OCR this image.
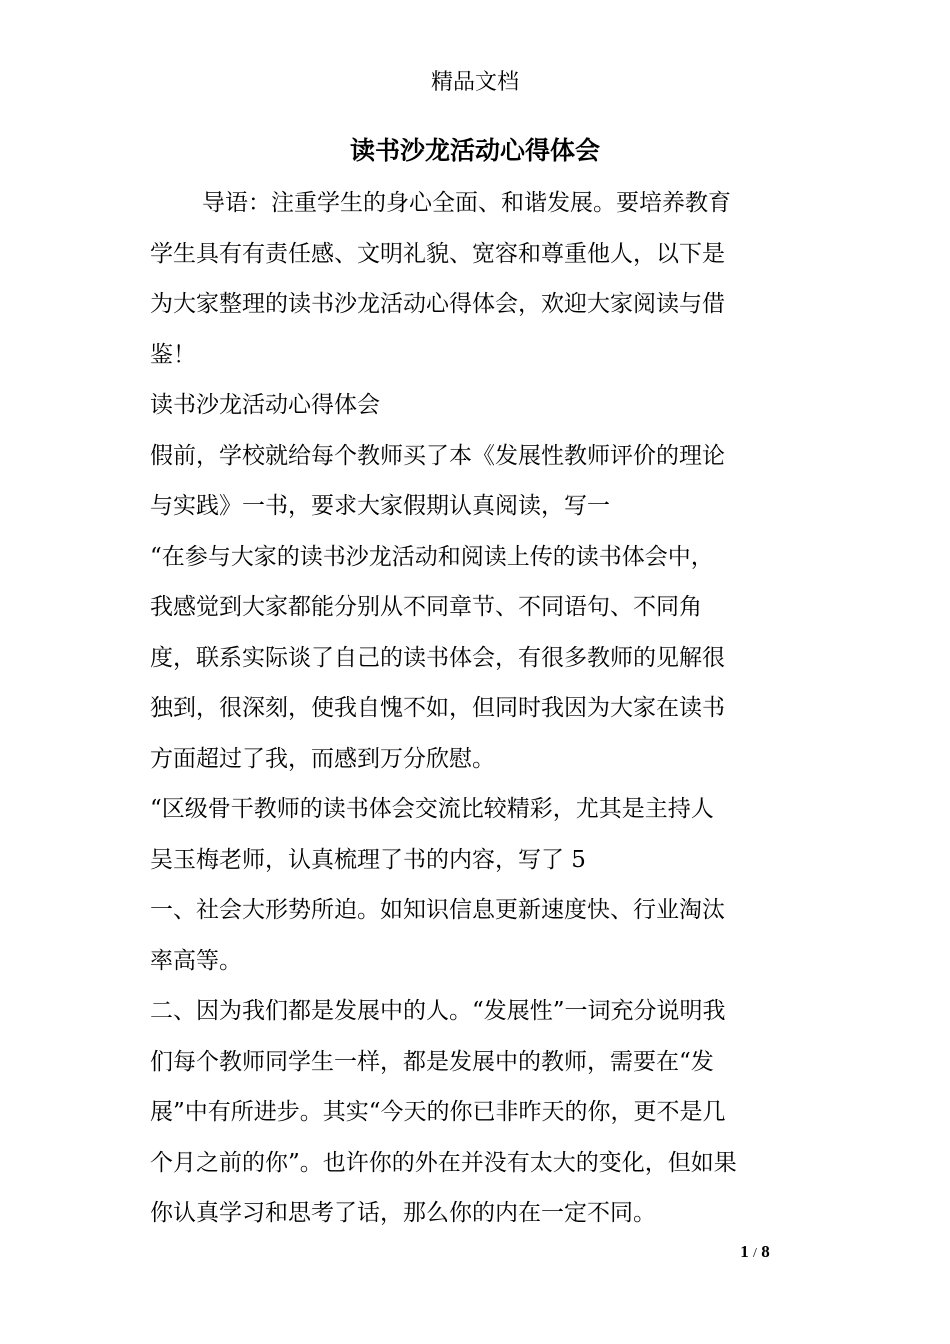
精品文档
读书沙龙活动心得体会

导语：注重学生的身心全面、和谐发展。要培养教育
学生具有有责任感、文明礼貌、宽容和尊重他人，以下是
为大家整理的读书沙龙活动心得体会，欢迎大家阅读与借
鉴！

读书沙龙活动心得体会

假前，学校就给每个教师买了本《发展性教师评价的理论
与实践》一书，要求大家假期认真阅读，写一

“在参与大家的读书沙龙活动和阅读上传的读书体会中，
我感觉到大家都能分别从不同章节、不同语句、不同角
度，联系实际谈了自己的读书体会，有很多教师的见解很
独到，很深刻，使我自愧不如，但同时我因为大家在读书
方面超过了我，而感到万分欣慰。

“区级骨干教师的读书体会交流比较精彩，尤其是主持人
吴玉梅老师，认真梳理了书的内容，写了 5

一、社会大形势所迫。如知识信息更新速度快、行业淘汰
率高等。

二、因为我们都是发展中的人。“发展性”一词充分说明我
们每个教师同学生一样，都是发展中的教师，需要在“发
展”中有所进步。其实“今天的你已非昨天的你，更不是几
个月之前的你”。也许你的外在并没有太大的变化，但如果
你认真学习和思考了话，那么你的内在一定不同。

1 / 8
